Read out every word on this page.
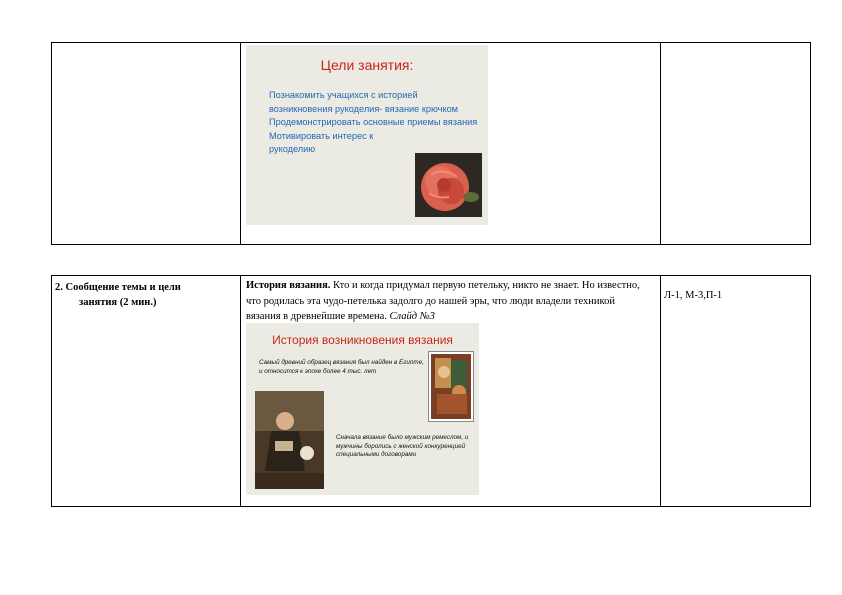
Цели занятия:
Познакомить учащихся с историей возникновения рукоделия- вязание крючком
Продемонстрировать основные приемы вязания
Мотивировать интерес к рукоделию
2. Сообщение темы и цели
занятия (2 мин.)
История вязания. Кто и когда придумал первую петельку, никто не знает. Но известно, что родилась эта чудо-петелька задолго до нашей эры, что люди владели техникой вязания в древнейшие времена. Слайд №3
Л-1, М-3,П-1
История возникновения вязания
Самый древний образец вязания был найден в Египте, и относится к эпохе более 4 тыс. лет
Сначала вязание было мужским ремеслом, и мужчины боролись с женской конкуренцией специальными договорами
